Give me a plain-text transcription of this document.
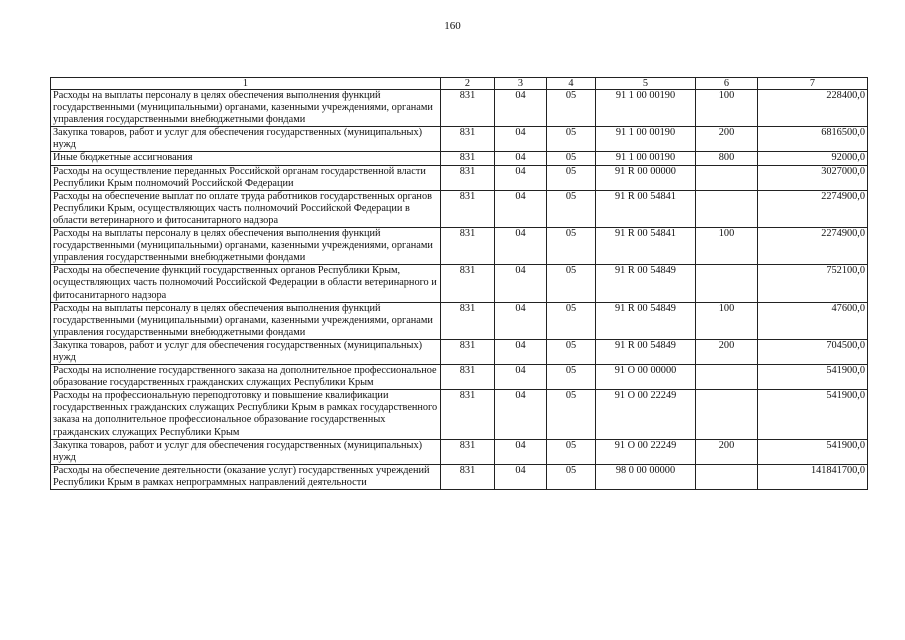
160
1	2	3	4	5	6	7
Расходы на выплаты персоналу в целях обеспечения выполнения функций государственными (муниципальными) органами, казенными учреждениями, органами управления государственными внебюджетными фондами	831	04	05	91 1 00 00190	100	228400,0
Закупка товаров, работ и услуг для обеспечения государственных (муниципальных) нужд	831	04	05	91 1 00 00190	200	6816500,0
Иные бюджетные ассигнования	831	04	05	91 1 00 00190	800	92000,0
Расходы на осуществление переданных Российской органам государственной власти Республики Крым полномочий Российской Федерации	831	04	05	91 R 00 00000		3027000,0
Расходы на обеспечение выплат по оплате труда работников государственных органов Республики Крым, осуществляющих часть полномочий Российской Федерации в области ветеринарного и фитосанитарного надзора	831	04	05	91 R 00 54841		2274900,0
Расходы на выплаты персоналу в целях обеспечения выполнения функций государственными (муниципальными) органами, казенными учреждениями, органами управления государственными внебюджетными фондами	831	04	05	91 R 00 54841	100	2274900,0
Расходы на обеспечение функций государственных органов Республики Крым, осуществляющих часть полномочий Российской Федерации в области ветеринарного и фитосанитарного надзора	831	04	05	91 R 00 54849		752100,0
Расходы на выплаты персоналу в целях обеспечения выполнения функций государственными (муниципальными) органами, казенными учреждениями, органами управления государственными внебюджетными фондами	831	04	05	91 R 00 54849	100	47600,0
Закупка товаров, работ и услуг для обеспечения государственных (муниципальных) нужд	831	04	05	91 R 00 54849	200	704500,0
Расходы на исполнение государственного заказа на дополнительное профессиональное образование государственных гражданских служащих Республики Крым	831	04	05	91 О 00 00000		541900,0
Расходы на профессиональную переподготовку и повышение квалификации государственных гражданских служащих Республики Крым в рамках государственного заказа на дополнительное профессиональное образование государственных гражданских служащих Республики Крым	831	04	05	91 О 00 22249		541900,0
Закупка товаров, работ и услуг для обеспечения государственных (муниципальных) нужд	831	04	05	91 О 00 22249	200	541900,0
Расходы на обеспечение деятельности (оказание услуг) государственных учреждений Республики Крым в рамках непрограммных направлений деятельности	831	04	05	98 0 00 00000		141841700,0
